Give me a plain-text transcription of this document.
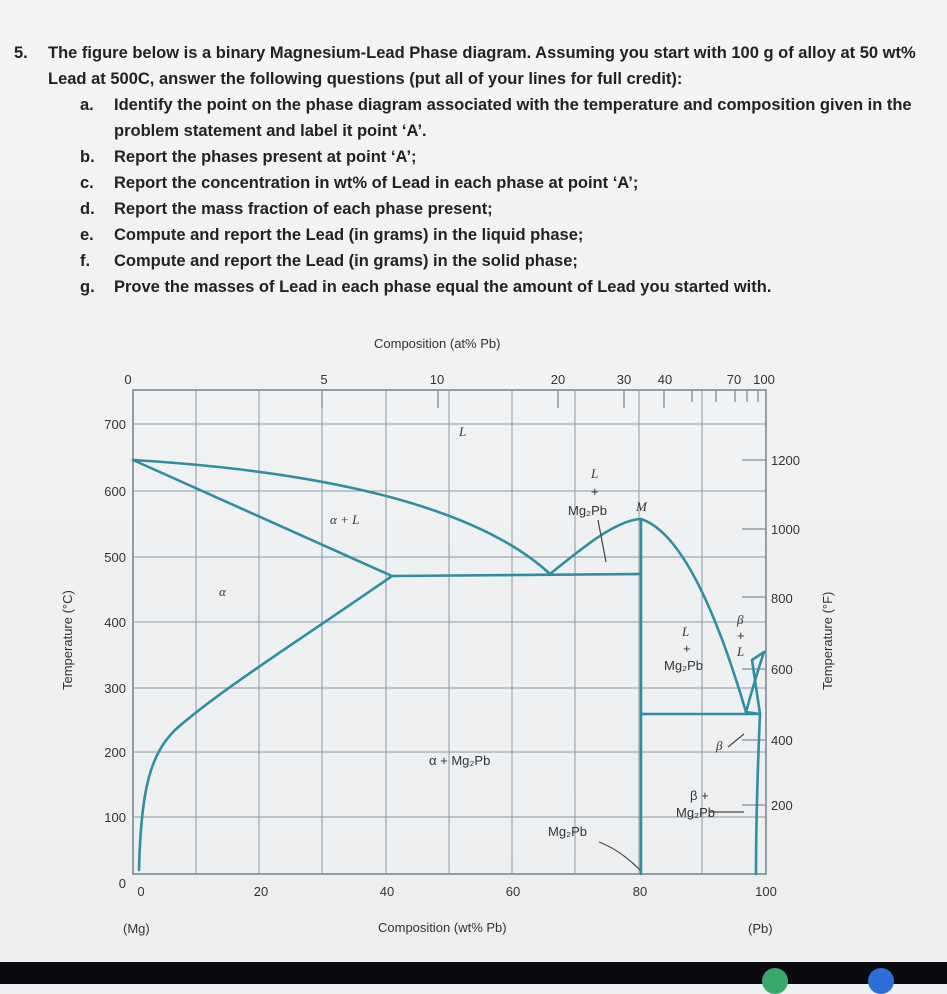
5.	The figure below is a binary Magnesium-Lead Phase diagram. Assuming you start with 100 g of alloy at 50 wt% Lead at 500C, answer the following questions (put all of your lines for full credit):
a.	Identify the point on the phase diagram associated with the temperature and composition given in the problem statement and label it point ‘A’.
b.	Report the phases present at point ‘A’;
c.	Report the concentration in wt% of Lead in each phase at point ‘A’;
d.	Report the mass fraction of each phase present;
e.	Compute and report the Lead (in grams) in the liquid phase;
f.	Compute and report the Lead (in grams) in the solid phase;
g.	Prove the masses of Lead in each phase equal the amount of Lead you started with.
L
α + L
α
L
+
Mg₂Pb M
L
+
Mg₂Pb
β
+
L
α + Mg₂Pb
β
β +
Mg₂Pb
Mg₂Pb
Composition (at% Pb)
Composition (wt% Pb)
(Mg)	(Pb)
Temperature (°C)	Temperature (°F)
0	5	10	20	30 40	70 100
0	20	40	60	80	100
700
600
500
400
300
200
100
0
1200
1000
800
600
400
200
